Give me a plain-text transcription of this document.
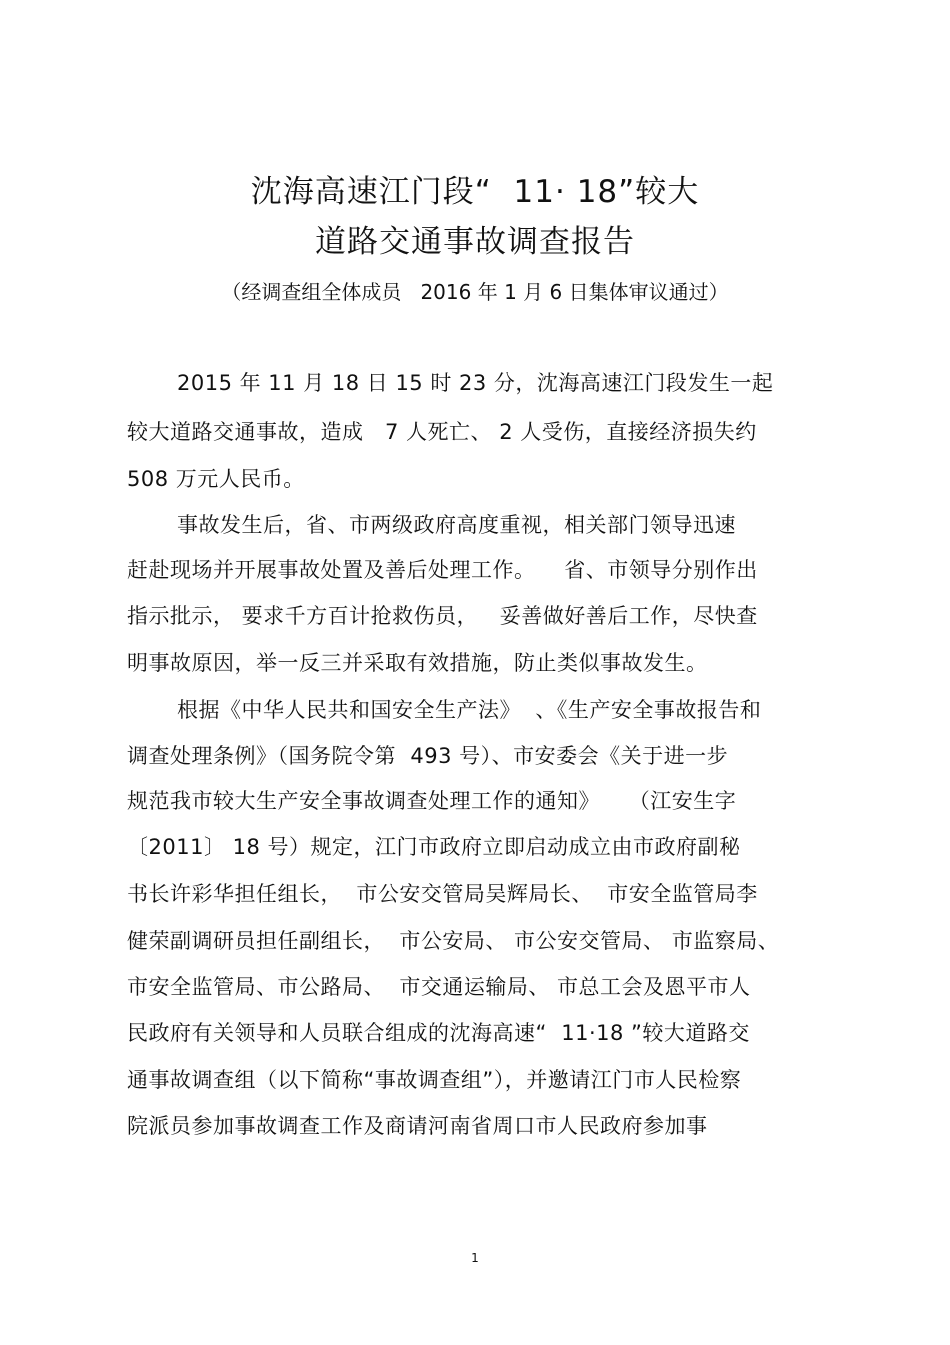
沈海高速江门段“  11· 18”较大
道路交通事故调查报告
（经调查组全体成员   2016 年 1 月 6 日集体审议通过）
2015 年 11 月 18 日 15 时 23 分，沈海高速江门段发生一起
较大道路交通事故，造成   7 人死亡、 2 人受伤，直接经济损失约
508 万元人民币。
事故发生后，省、市两级政府高度重视，相关部门领导迅速
赶赴现场并开展事故处置及善后处理工作。    省、市领导分别作出
指示批示， 要求千方百计抢救伤员，   妥善做好善后工作，尽快查
明事故原因，举一反三并采取有效措施，防止类似事故发生。
根据《中华人民共和国安全生产法》  、《生产安全事故报告和
调查处理条例》（国务院令第  493 号）、市安委会《关于进一步
规范我市较大生产安全事故调查处理工作的通知》    （江安生字
〔2011〕 18 号）规定，江门市政府立即启动成立由市政府副秘
书长许彩华担任组长，  市公安交管局吴辉局长、  市安全监管局李
健荣副调研员担任副组长，  市公安局、 市公安交管局、 市监察局、
市安全监管局、市公路局、  市交通运输局、 市总工会及恩平市人
民政府有关领导和人员联合组成的沈海高速“  11·18 ”较大道路交
通事故调查组（以下简称“事故调查组”），并邀请江门市人民检察
院派员参加事故调查工作及商请河南省周口市人民政府参加事
1
